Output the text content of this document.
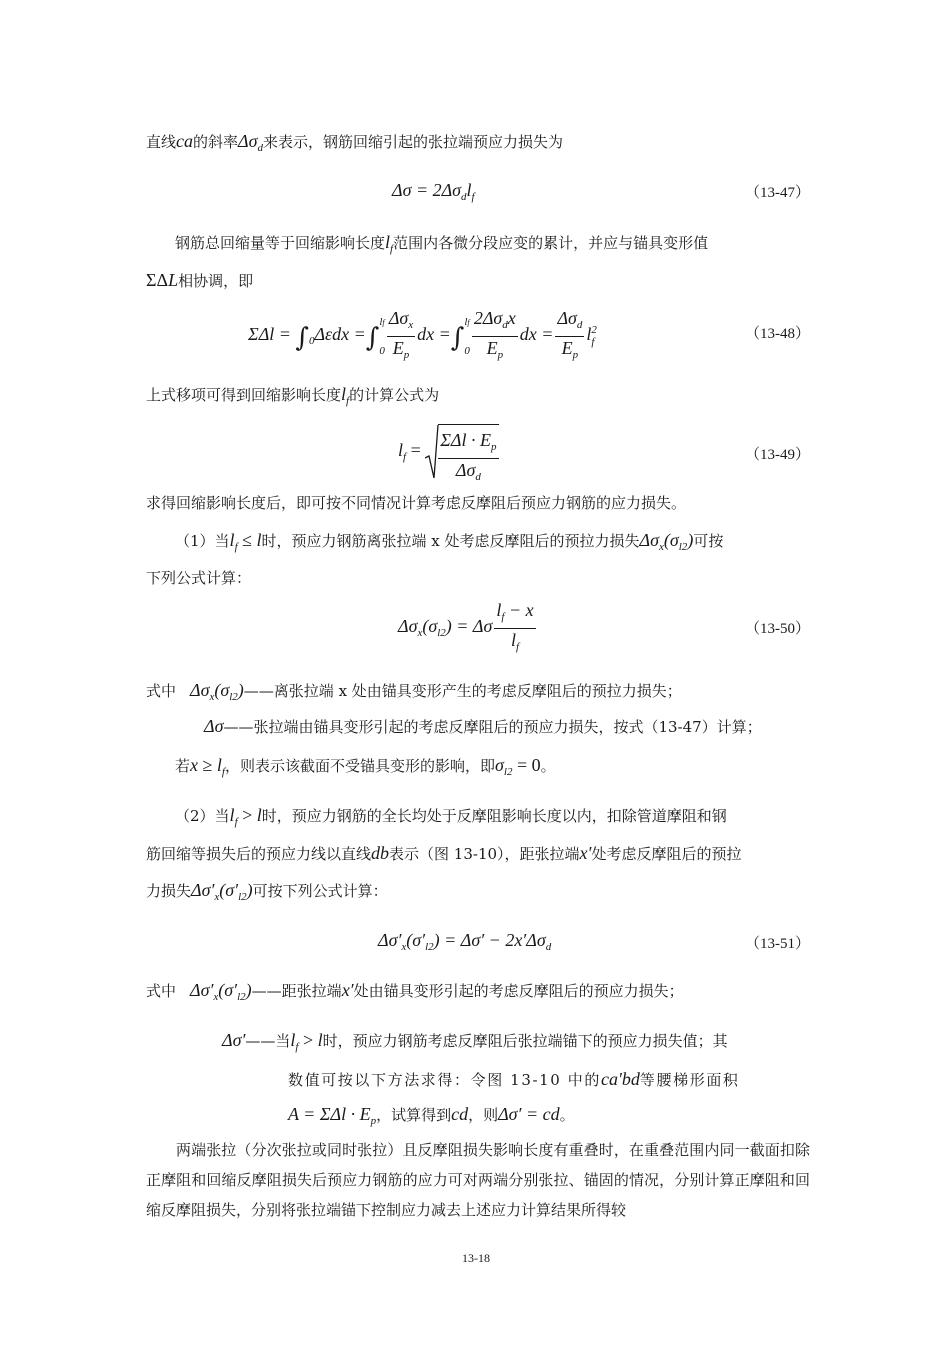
直线ca的斜率$\Delta\sigma_d$来表示，钢筋回缩引起的张拉端预应力损失为
$\Delta\sigma = 2\Delta\sigma_dl_f$	（13-47）
钢筋总回缩量等于回缩影响长度$l_f$范围内各微分段应变的累计，并应与锚具变形值
ΣΔL相协调，即
$\Sigma\Delta l = \int_0\Delta\varepsilon dx$ =∫
lf
$0 \frac{\Delta\sigma_x}{E_p}$ dx =∫
lf
$0 \frac{2\Delta\sigma_dx}{E_p}$ dx = $\frac{\Delta\sigma_d}{E_p}$ l 2
f	（13-48）
上式移项可得到回缩影响长度$l_f$的计算公式为
$l_f = \frac{\Sigma\Delta l \cdot E_p}{\Delta\sigma_d}$	（13-49）
求得回缩影响长度后，即可按不同情况计算考虑反摩阻后预应力钢筋的应力损失。
（1）当$l_f \le l$时，预应力钢筋离张拉端 x 处考虑反摩阻后的预拉力损失$\Delta\sigma_x(\sigma_{l2})$可按
下列公式计算：
$\Delta\sigma_x(\sigma_{l2}) = \Delta\sigma \frac{l_f - x}{l_f}$	（13-50）
式中 $\Delta\sigma_x(\sigma_{l2})——$离张拉端 x 处由锚具变形产生的考虑反摩阻后的预拉力损失；
Δσ——张拉端由锚具变形引起的考虑反摩阻后的预应力损失，按式（13-47）计算；
若$x \ge l_f$，则表示该截面不受锚具变形的影响，即$\sigma_{l2} = 0$。
（2）当$l_f > l$时，预应力钢筋的全长均处于反摩阻影响长度以内，扣除管道摩阻和钢
筋回缩等损失后的预应力线以直线db表示（图 13-10），距张拉端x′处考虑反摩阻后的预拉
力损失$\Delta\sigma'_x(\sigma'_{l2})$可按下列公式计算：
$\Delta\sigma'_x(\sigma'_{l2}) = \Delta\sigma' - 2x'\Delta\sigma_d$	（13-51）
式中 $\Delta\sigma'_x(\sigma'_{l2})——$距张拉端x′处由锚具变形引起的考虑反摩阻后的预应力损失；
Δσ′——当$l_f > l$时，预应力钢筋考虑反摩阻后张拉端锚下的预应力损失值；其
数值可按以下方法求得：令图 13-10 中的ca′bd等腰梯形面积
$A = \Sigma\Delta l \cdot E_p$，试算得到cd，则Δσ′ = cd。
两端张拉（分次张拉或同时张拉）且反摩阻损失影响长度有重叠时，在重叠范围内同一截面扣除正摩阻和回缩反摩阻损失后预应力钢筋的应力可对两端分别张拉、锚固的情况，分别计算正摩阻和回缩反摩阻损失，分别将张拉端锚下控制应力减去上述应力计算结果所得较
13-18
